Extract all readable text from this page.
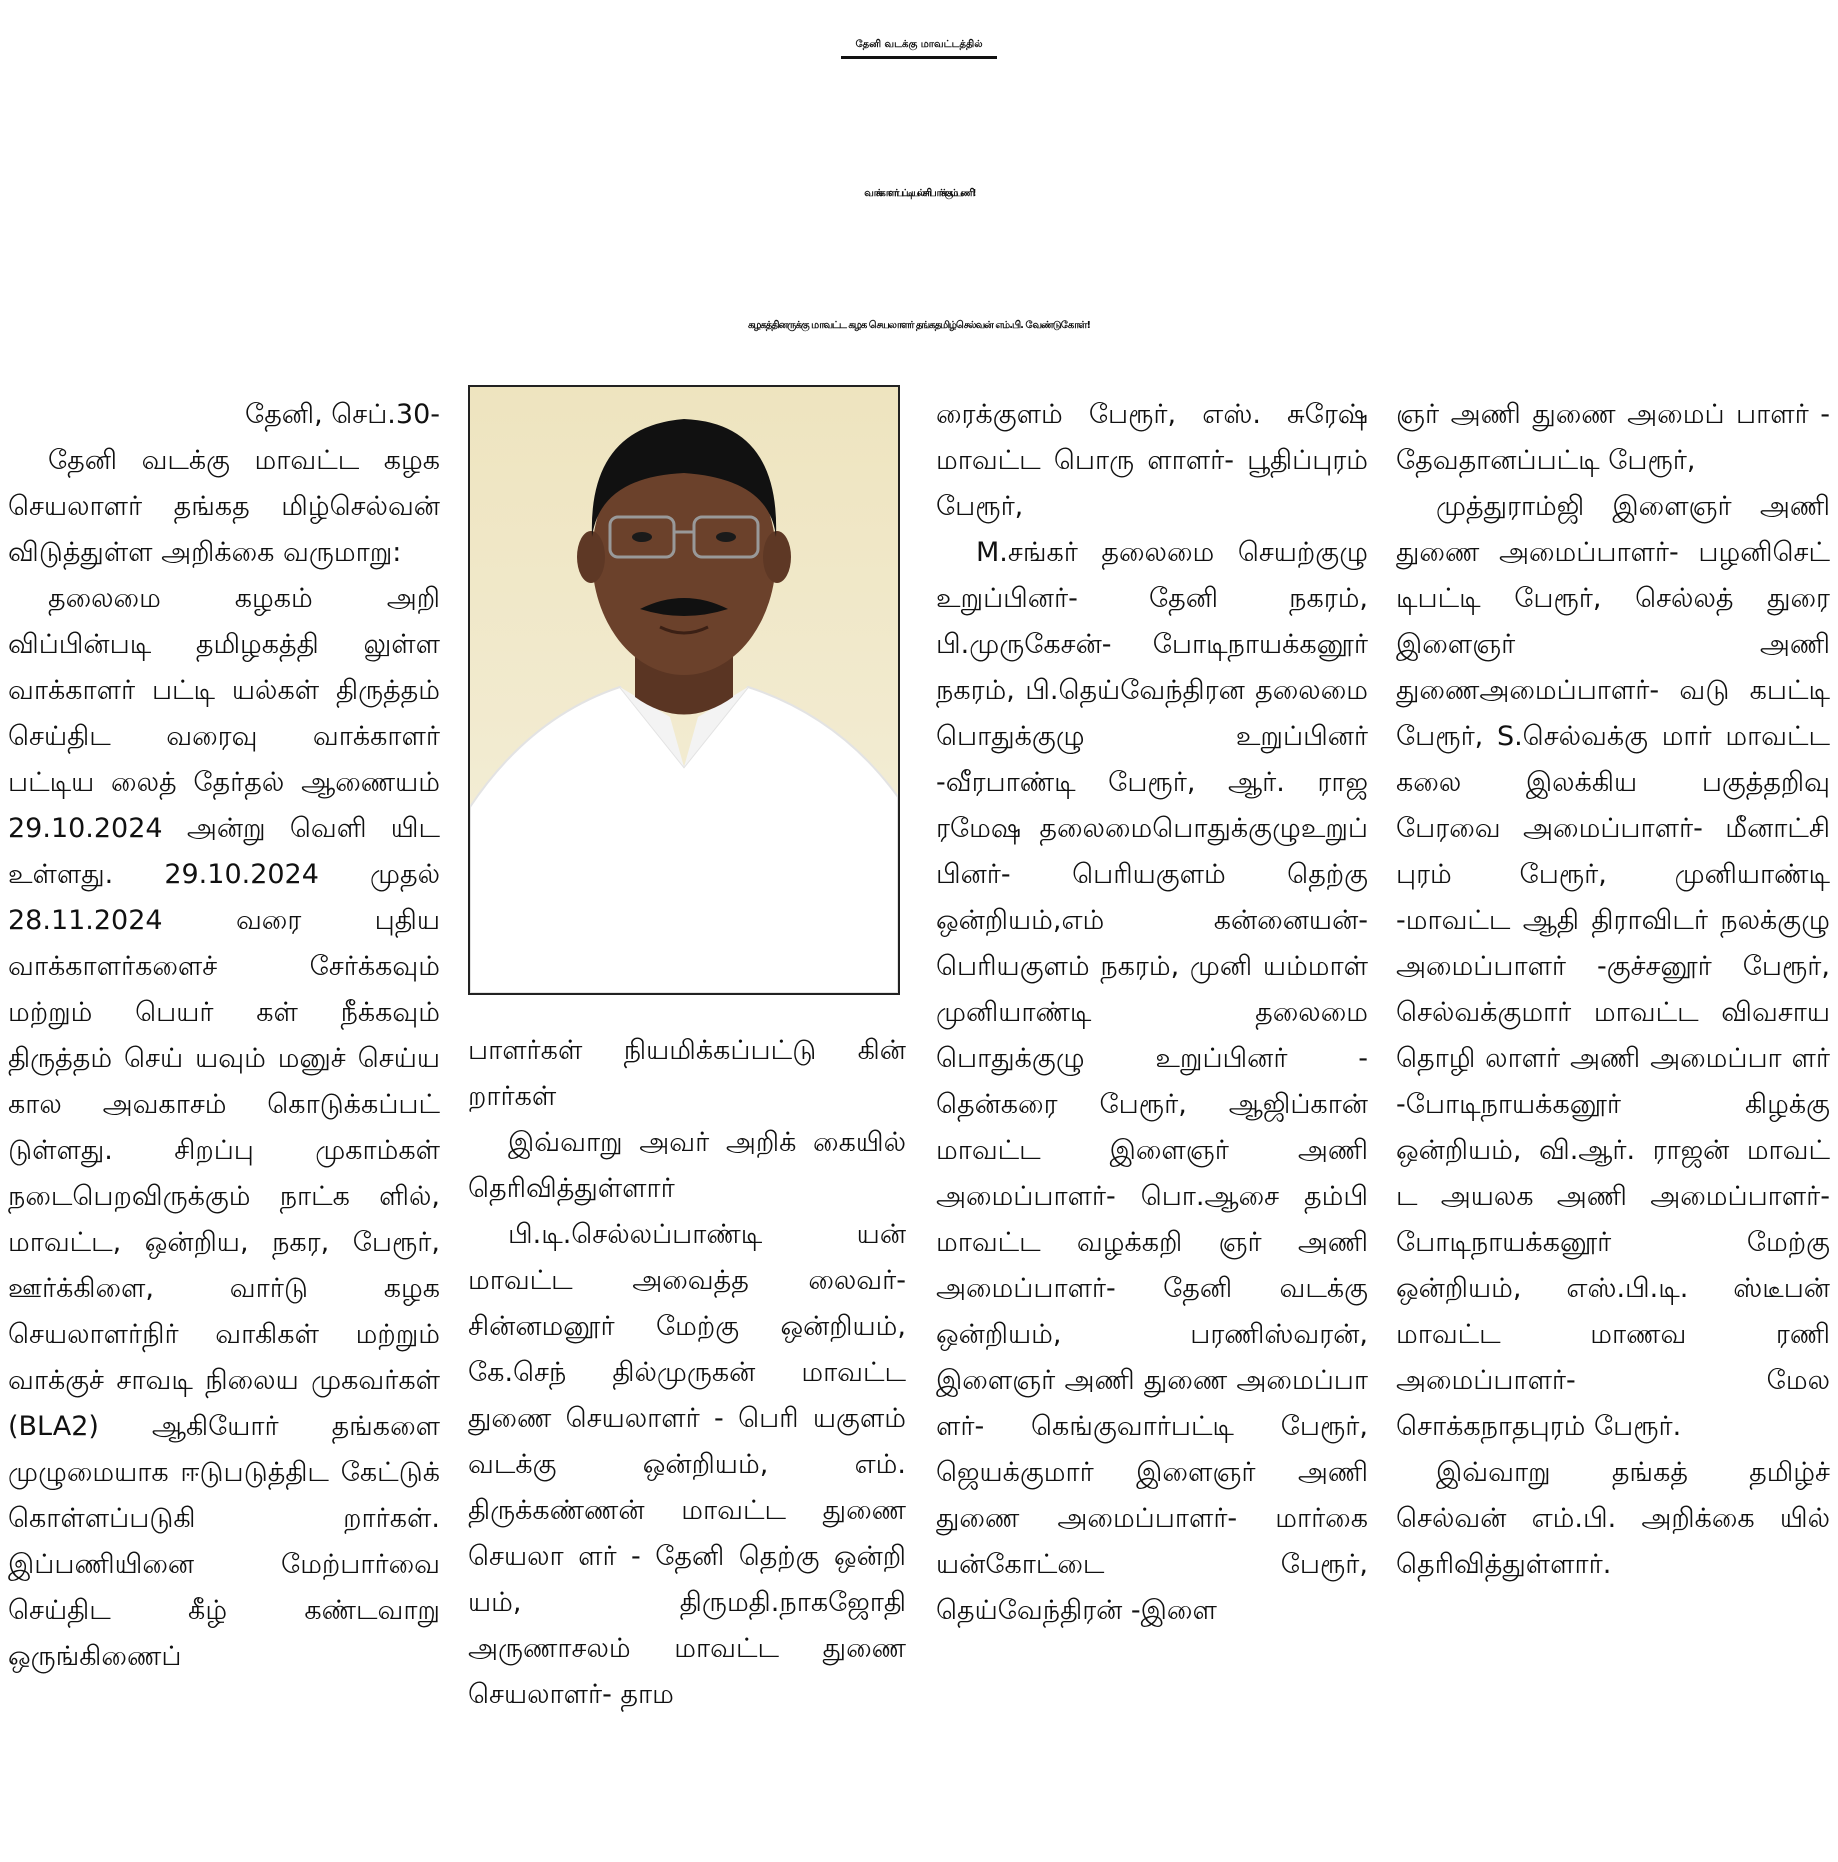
தேனி வடக்கு மாவட்டத்தில்
வாக்காளர் பட்டியல் சரிபார்க்கும் பணி!
கழகத்தினருக்கு மாவட்ட கழக செயலாளர் தங்கதமிழ்செல்வன் எம்.பி. வேண்டுகோள்!

தேனி, செப்.30-

தேனி வடக்கு மாவட்ட கழக செயலாளர் தங்கத மிழ்செல்வன் விடுத்துள்ள அறிக்கை வருமாறு:

தலைமை கழகம் அறி விப்பின்படி தமிழகத்தி லுள்ள வாக்காளர் பட்டி யல்கள் திருத்தம் செய்திட வரைவு வாக்காளர் பட்டிய லைத் தேர்தல் ஆணையம் 29.10.2024 அன்று வெளி யிட உள்ளது. 29.10.2024 முதல் 28.11.2024 வரை புதிய வாக்காளர்களைச் சேர்க்கவும் மற்றும் பெயர் கள் நீக்கவும் திருத்தம் செய் யவும் மனுச் செய்ய கால அவகாசம் கொடுக்கப்பட் டுள்ளது. சிறப்பு முகாம்கள் நடைபெறவிருக்கும் நாட்க ளில், மாவட்ட, ஒன்றிய, நகர, பேரூர், ஊர்க்கிளை, வார்டு கழக செயலாளர்நிர் வாகிகள் மற்றும் வாக்குச் சாவடி நிலைய முகவர்கள் (BLA2) ஆகியோர் தங்களை முழுமையாக ஈடுபடுத்திட கேட்டுக் கொள்ளப்படுகி றார்கள். இப்பணியினை மேற்பார்வை செய்திட கீழ் கண்டவாறு ஒருங்கிணைப்

பாளர்கள் நியமிக்கப்பட்டு கின் றார்கள்

இவ்வாறு அவர் அறிக் கையில் தெரிவித்துள்ளார்

பி.டி.செல்லப்பாண்டி யன் மாவட்ட அவைத்த லைவர்- சின்னமனூர் மேற்கு ஒன்றியம், கே.செந் தில்முருகன் மாவட்ட துணை செயலாளர் - பெரி யகுளம் வடக்கு ஒன்றியம், எம். திருக்கண்ணன் மாவட்ட துணை செயலா ளர் - தேனி தெற்கு ஒன்றி யம், திருமதி.நாகஜோதி அருணாசலம் மாவட்ட துணை செயலாளர்- தாம

ரைக்குளம் பேரூர், எஸ். சுரேஷ் மாவட்ட பொரு ளாளர்- பூதிப்புரம் பேரூர்,

M.சங்கர் தலைமை செயற்குழு உறுப்பினர்- தேனி நகரம், பி.முருகேசன்- போடிநாயக்கனூர் நகரம், பி.தெய்வேந்திரன தலைமை பொதுக்குழு உறுப்பினர் -வீரபாண்டி பேரூர், ஆர். ராஜ ரமேஷ தலைமைபொதுக்குழுஉறுப் பினர்- பெரியகுளம் தெற்கு ஒன்றியம்,எம் கன்னையன்- பெரியகுளம் நகரம், முனி யம்மாள் முனியாண்டி தலைமை பொதுக்குழு உறுப்பினர் - தென்கரை பேரூர், ஆஜிப்கான் மாவட்ட இளைஞர் அணி அமைப்பாளர்- பொ.ஆசை தம்பி மாவட்ட வழக்கறி ஞர் அணி அமைப்பாளர்- தேனி வடக்கு ஒன்றியம், பரணிஸ்வரன், இளைஞர் அணி துணை அமைப்பா ளர்- கெங்குவார்பட்டி பேரூர், ஜெயக்குமார் இளைஞர் அணி துணை அமைப்பாளர்- மார்கை யன்கோட்டை பேரூர், தெய்வேந்திரன் -இளை

ஞர் அணி துணை அமைப் பாளர் - தேவதானப்பட்டி பேரூர்,

முத்துராம்ஜி இளைஞர் அணி துணை அமைப்பாளர்- பழனிசெட் டிபட்டி பேரூர், செல்லத் துரை இளைஞர் அணி துணைஅமைப்பாளர்- வடு கபட்டி பேரூர், S.செல்வக்கு மார் மாவட்ட கலை இலக்கிய பகுத்தறிவு பேரவை அமைப்பாளர்- மீனாட்சி புரம் பேரூர், முனியாண்டி -மாவட்ட ஆதி திராவிடர் நலக்குழு அமைப்பாளர் -குச்சனூர் பேரூர், செல்வக்குமார் மாவட்ட விவசாய தொழி லாளர் அணி அமைப்பா ளர் -போடிநாயக்கனூர் கிழக்கு ஒன்றியம், வி.ஆர். ராஜன் மாவட் ட அயலக அணி அமைப்பாளர்- போடிநாயக்கனூர் மேற்கு ஒன்றியம், எஸ்.பி.டி. ஸ்டீபன் மாவட்ட மாணவ ரணி அமைப்பாளர்- மேல சொக்கநாதபுரம் பேரூர்.

இவ்வாறு தங்கத் தமிழ்ச் செல்வன் எம்.பி. அறிக்கை யில் தெரிவித்துள்ளார்.
